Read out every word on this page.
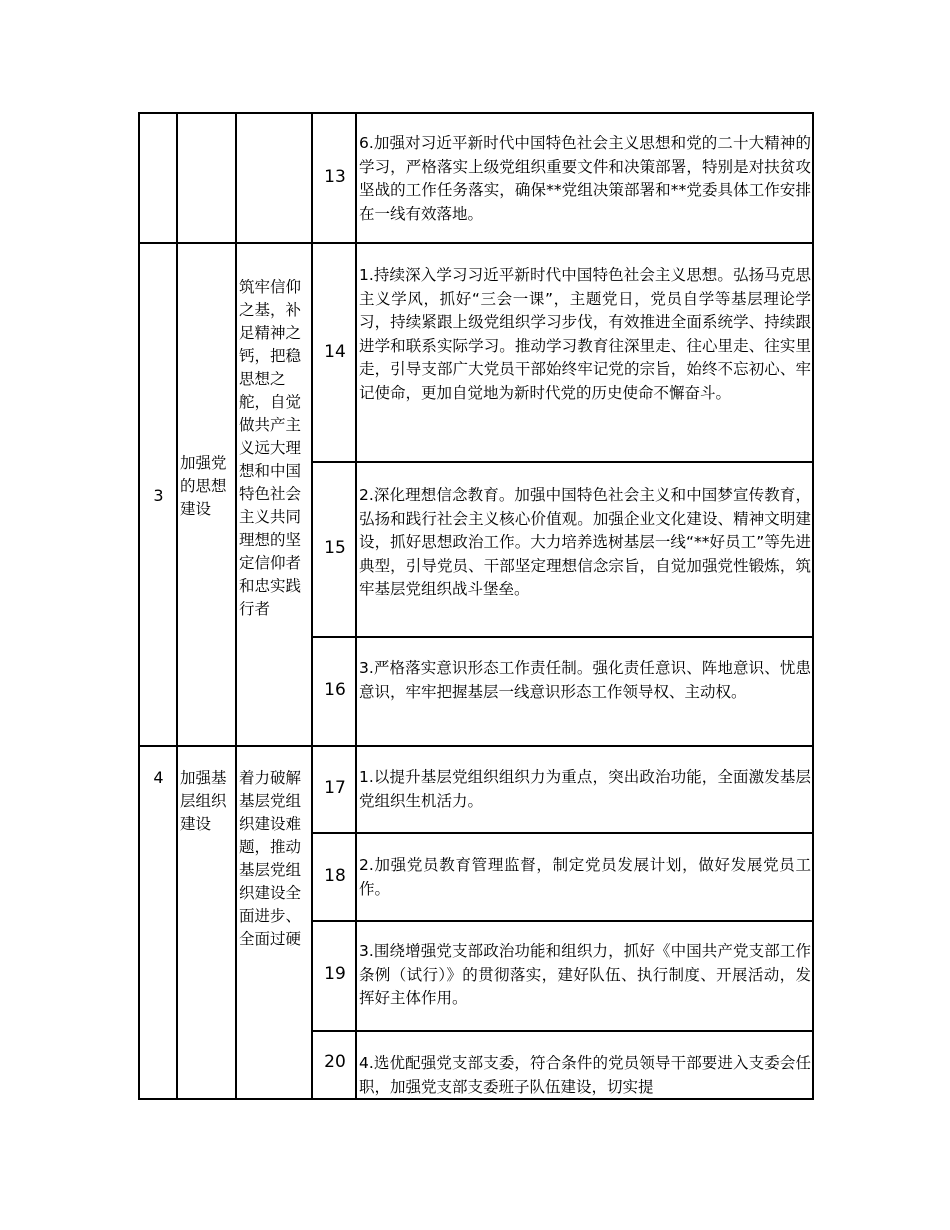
3
加强党的思想建设
筑牢信仰之基，补足精神之钙，把稳思想之舵，自觉做共产主义远大理想和中国特色社会主义共同理想的坚定信仰者和忠实践行者
4	加强基层组织建设
着力破解基层党组织建设难题，推动基层党组织建设全面进步、全面过硬
13
6.加强对习近平新时代中国特色社会主义思想和党的二十大精神的学习，严格落实上级党组织重要文件和决策部署，特别是对扶贫攻坚战的工作任务落实，确保**党组决策部署和**党委具体工作安排在一线有效落地。
14
1.持续深入学习习近平新时代中国特色社会主义思想。弘扬马克思主义学风，抓好“三会一课”，主题党日，党员自学等基层理论学习，持续紧跟上级党组织学习步伐，有效推进全面系统学、持续跟进学和联系实际学习。推动学习教育往深里走、往心里走、往实里走，引导支部广大党员干部始终牢记党的宗旨，始终不忘初心、牢记使命，更加自觉地为新时代党的历史使命不懈奋斗。
15
2.深化理想信念教育。加强中国特色社会主义和中国梦宣传教育，弘扬和践行社会主义核心价值观。加强企业文化建设、精神文明建设，抓好思想政治工作。大力培养选树基层一线“**好员工”等先进典型，引导党员、干部坚定理想信念宗旨，自觉加强党性锻炼，筑牢基层党组织战斗堡垒。
16
3.严格落实意识形态工作责任制。强化责任意识、阵地意识、忧患意识，牢牢把握基层一线意识形态工作领导权、主动权。
17
1.以提升基层党组织组织力为重点，突出政治功能，全面激发基层党组织生机活力。
18
2.加强党员教育管理监督，制定党员发展计划，做好发展党员工作。
19
3.围绕增强党支部政治功能和组织力，抓好《中国共产党支部工作条例（试行）》的贯彻落实，建好队伍、执行制度、开展活动，发挥好主体作用。
20 4.选优配强党支部支委，符合条件的党员领导干部要进入支委会任职，加强党支部支委班子队伍建设，切实提
